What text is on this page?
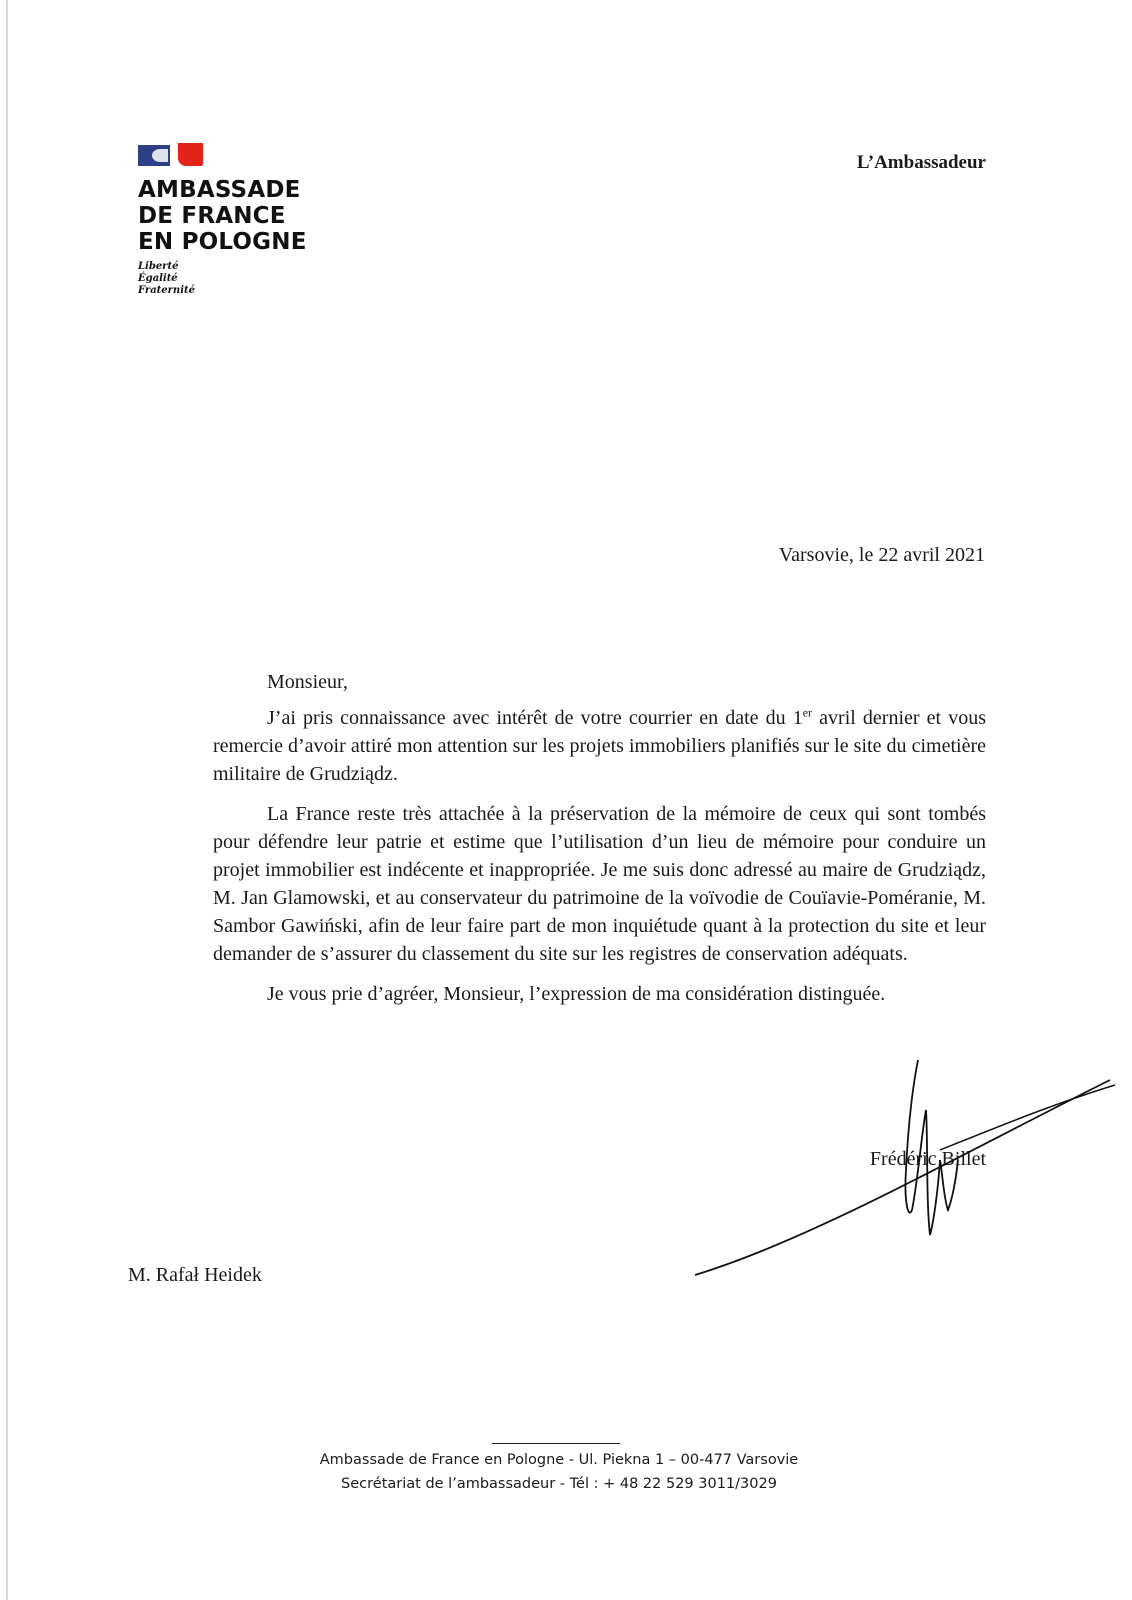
AMBASSADE
DE FRANCE
EN POLOGNE
Liberté
Égalité
Fraternité
L’Ambassadeur
Varsovie, le 22 avril 2021

Monsieur,

J’ai pris connaissance avec intérêt de votre courrier en date du 1er avril dernier et vous remercie d’avoir attiré mon attention sur les projets immobiliers planifiés sur le site du cimetière militaire de Grudziądz.

La France reste très attachée à la préservation de la mémoire de ceux qui sont tombés pour défendre leur patrie et estime que l’utilisation d’un lieu de mémoire pour conduire un projet immobilier est indécente et inappropriée. Je me suis donc adressé au maire de Grudziądz, M. Jan Glamowski, et au conservateur du patrimoine de la voïvodie de Couïavie-Poméranie, M. Sambor Gawiński, afin de leur faire part de mon inquiétude quant à la protection du site et leur demander de s’assurer du classement du site sur les registres de conservation adéquats.

Je vous prie d’agréer, Monsieur, l’expression de ma considération distinguée.

Frédéric Billet
M. Rafał Heidek
Ambassade de France en Pologne - Ul. Piekna 1 – 00-477 Varsovie
Secrétariat de l’ambassadeur - Tél : + 48 22 529 3011/3029
